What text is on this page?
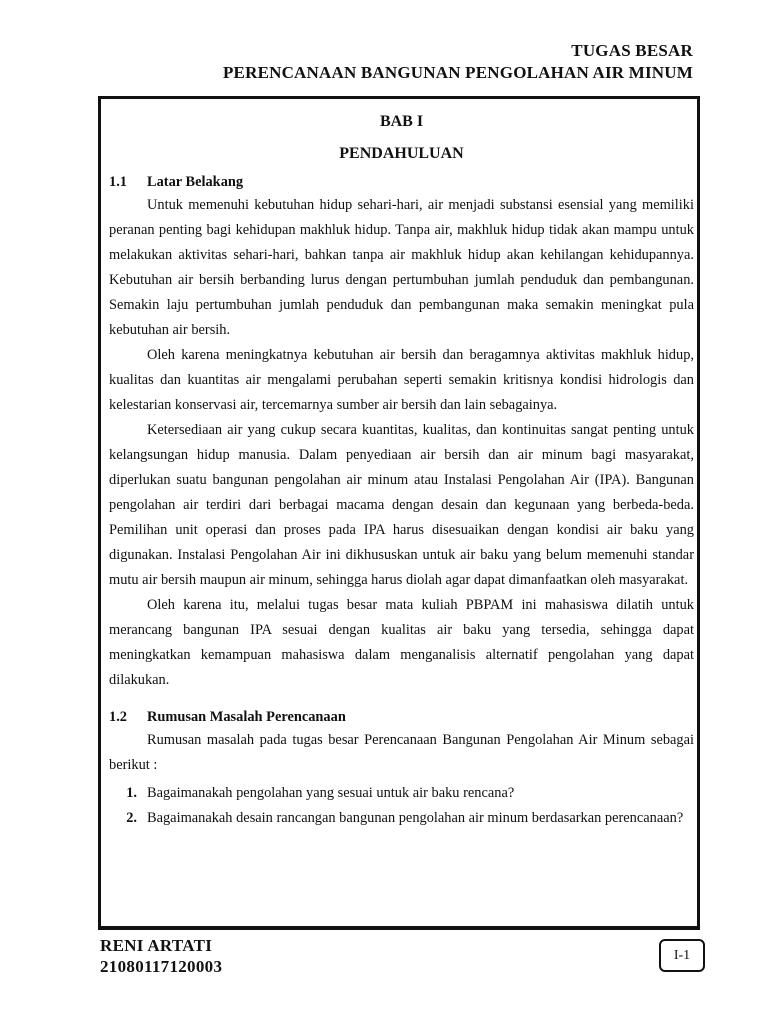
TUGAS BESAR
PERENCANAAN BANGUNAN PENGOLAHAN AIR MINUM
BAB I
PENDAHULUAN
1.1	Latar Belakang

Untuk memenuhi kebutuhan hidup sehari-hari, air menjadi substansi esensial yang memiliki peranan penting bagi kehidupan makhluk hidup. Tanpa air, makhluk hidup tidak akan mampu untuk melakukan aktivitas sehari-hari, bahkan tanpa air makhluk hidup akan kehilangan kehidupannya. Kebutuhan air bersih berbanding lurus dengan pertumbuhan jumlah penduduk dan pembangunan. Semakin laju pertumbuhan jumlah penduduk dan pembangunan maka semakin meningkat pula kebutuhan air bersih.

Oleh karena meningkatnya kebutuhan air bersih dan beragamnya aktivitas makhluk hidup, kualitas dan kuantitas air mengalami perubahan seperti semakin kritisnya kondisi hidrologis dan kelestarian konservasi air, tercemarnya sumber air bersih dan lain sebagainya.

Ketersediaan air yang cukup secara kuantitas, kualitas, dan kontinuitas sangat penting untuk kelangsungan hidup manusia. Dalam penyediaan air bersih dan air minum bagi masyarakat, diperlukan suatu bangunan pengolahan air minum atau Instalasi Pengolahan Air (IPA). Bangunan pengolahan air terdiri dari berbagai macama dengan desain dan kegunaan yang berbeda-beda. Pemilihan unit operasi dan proses pada IPA harus disesuaikan dengan kondisi air baku yang digunakan. Instalasi Pengolahan Air ini dikhususkan untuk air baku yang belum memenuhi standar mutu air bersih maupun air minum, sehingga harus diolah agar dapat dimanfaatkan oleh masyarakat.

Oleh karena itu, melalui tugas besar mata kuliah PBPAM ini mahasiswa dilatih untuk merancang bangunan IPA sesuai dengan kualitas air baku yang tersedia, sehingga dapat meningkatkan kemampuan mahasiswa dalam menganalisis alternatif pengolahan yang dapat dilakukan.

1.2	Rumusan Masalah Perencanaan

Rumusan masalah pada tugas besar Perencanaan Bangunan Pengolahan Air Minum sebagai berikut :

1. Bagaimanakah pengolahan yang sesuai untuk air baku rencana?
2. Bagaimanakah desain rancangan bangunan pengolahan air minum berdasarkan perencanaan?
RENI ARTATI
21080117120003
I-1
